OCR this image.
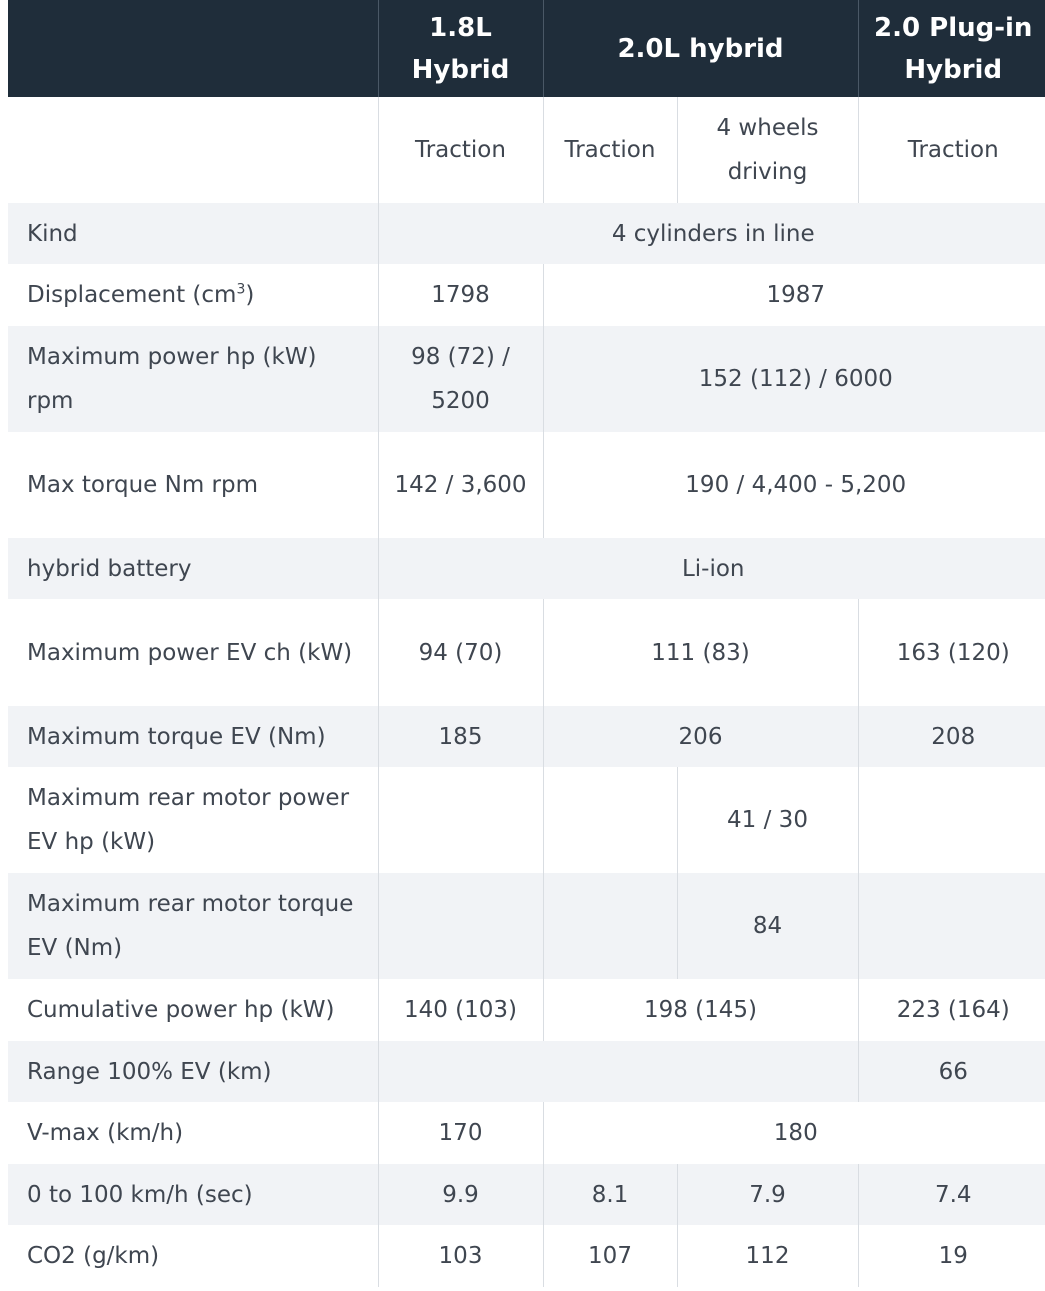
	1.8L Hybrid	2.0L hybrid		2.0 Plug-in Hybrid
	Traction	Traction	4 wheels driving	Traction
Kind	4 cylinders in line			
Displacement $(cm^3)$	1798	1987		
Maximum power hp (kW) rpm	98 (72) / 5200	152 (112) / 6000		
Max torque Nm rpm	142 / 3,600	190 / 4,400 - 5,200		
hybrid battery	Li-ion			
Maximum power EV ch (kW)	94 (70)	111 (83)		163 (120)
Maximum torque EV (Nm)	185	206		208
Maximum rear motor power EV hp (kW)			41 / 30	
Maximum rear motor torque EV (Nm)			84	
Cumulative power hp (kW)	140 (103)	198 (145)		223 (164)
Range 100% EV (km)				66
V-max (km/h)	170	180		
0 to 100 km/h (sec)	9.9	8.1	7.9	7.4
CO2 (g/km)	103	107	112	19
